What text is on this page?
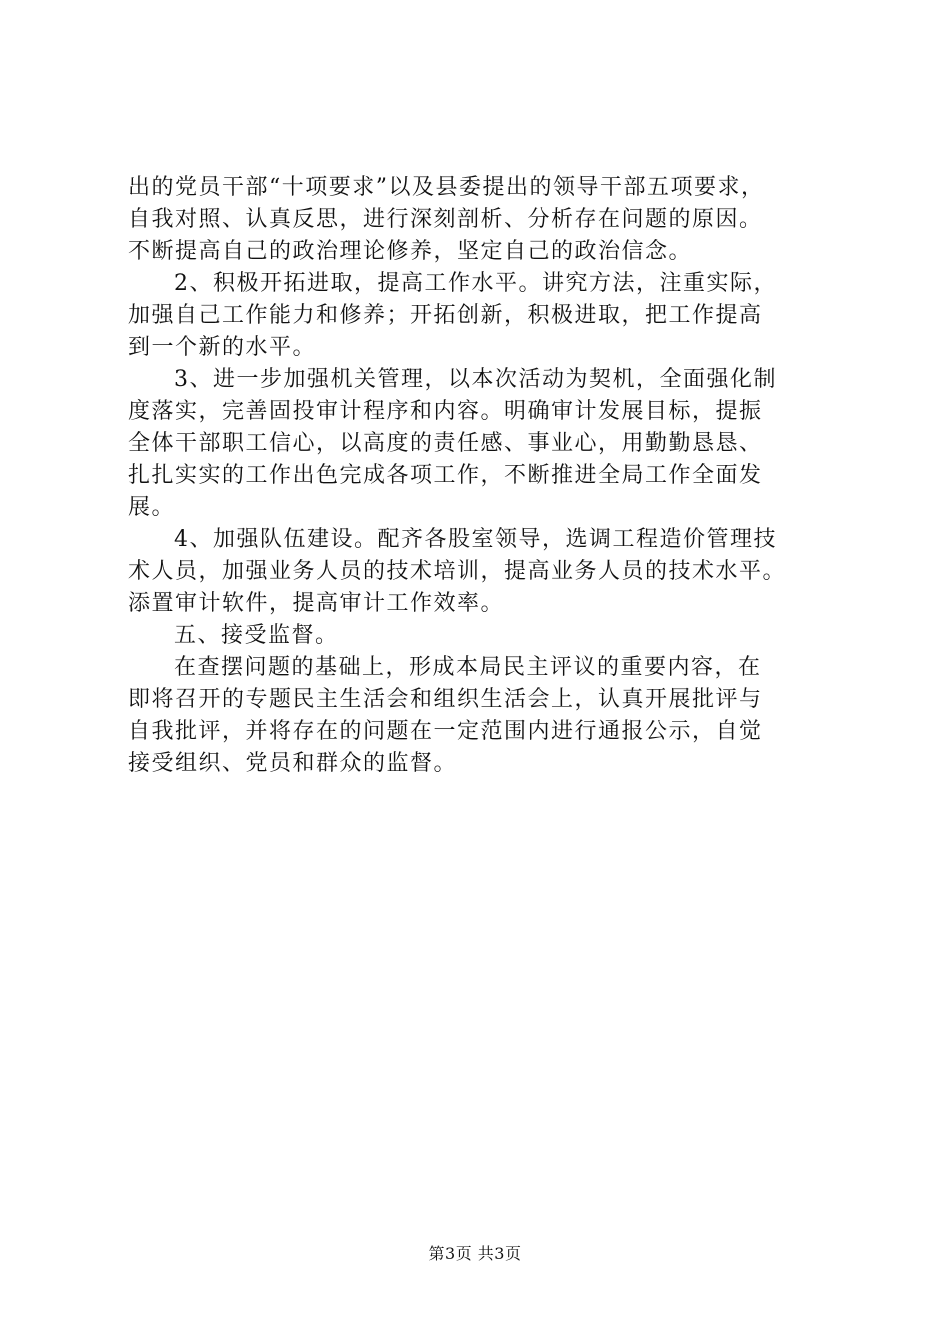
出的党员干部“十项要求”以及县委提出的领导干部五项要求，
自我对照、认真反思，进行深刻剖析、分析存在问题的原因。
不断提高自己的政治理论修养，坚定自己的政治信念。
2、积极开拓进取，提高工作水平。讲究方法，注重实际，
加强自己工作能力和修养；开拓创新，积极进取，把工作提高
到一个新的水平。
3、进一步加强机关管理，以本次活动为契机，全面强化制
度落实，完善固投审计程序和内容。明确审计发展目标，提振
全体干部职工信心，以高度的责任感、事业心，用勤勤恳恳、
扎扎实实的工作出色完成各项工作，不断推进全局工作全面发
展。
4、加强队伍建设。配齐各股室领导，选调工程造价管理技
术人员，加强业务人员的技术培训，提高业务人员的技术水平。
添置审计软件，提高审计工作效率。
五、接受监督。
在查摆问题的基础上，形成本局民主评议的重要内容，在
即将召开的专题民主生活会和组织生活会上，认真开展批评与
自我批评，并将存在的问题在一定范围内进行通报公示，自觉
接受组织、党员和群众的监督。
第3页 共3页
